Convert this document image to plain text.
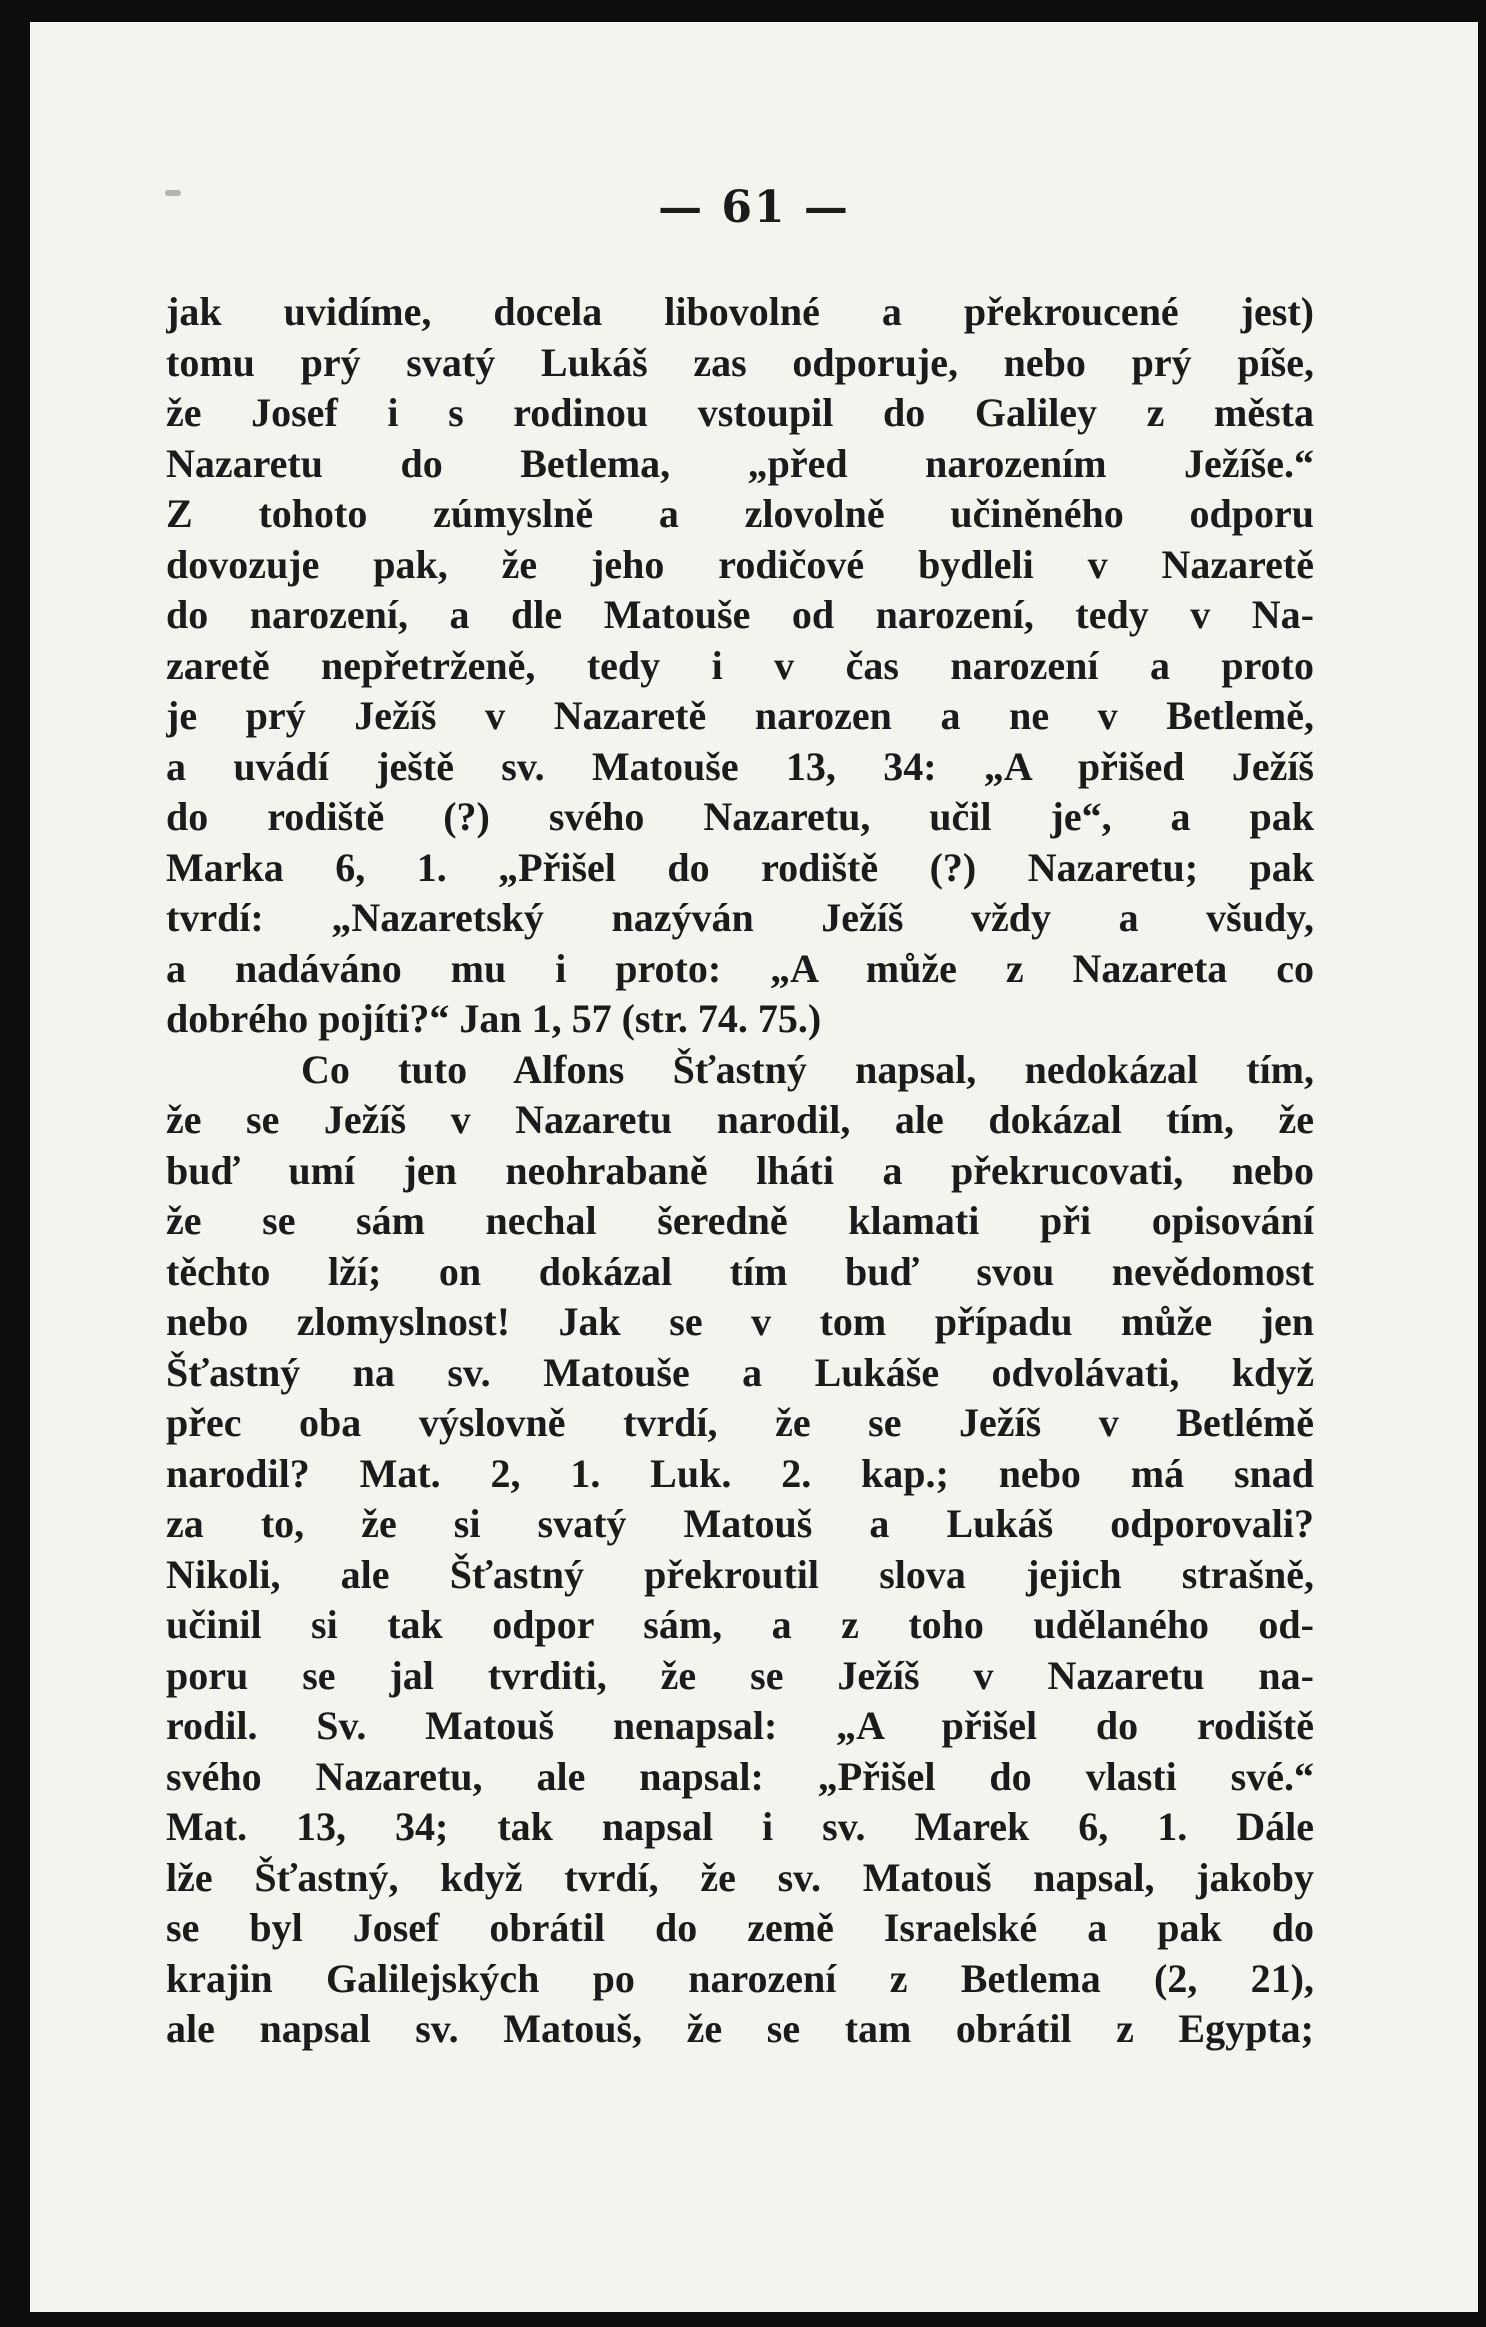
— 61 —
jak uvidíme, docela libovolné a překroucené jest)
tomu prý svatý Lukáš zas odporuje, nebo prý píše,
že Josef i s rodinou vstoupil do Galiley z města
Nazaretu do Betlema, „před narozením Ježíše.“
Z tohoto zúmyslně a zlovolně učiněného odporu
dovozuje pak, že jeho rodičové bydleli v Nazaretě
do narození, a dle Matouše od narození, tedy v Na-
zaretě nepřetrženě, tedy i v čas narození a proto
je prý Ježíš v Nazaretě narozen a ne v Betlemě,
a uvádí ještě sv. Matouše 13, 34: „A přišed Ježíš
do rodiště (?) svého Nazaretu, učil je“, a pak
Marka 6, 1. „Přišel do rodiště (?) Nazaretu; pak
tvrdí: „Nazaretský nazýván Ježíš vždy a všudy,
a nadáváno mu i proto: „A může z Nazareta co
dobrého pojíti?“ Jan 1, 57 (str. 74. 75.)
Co tuto Alfons Šťastný napsal, nedokázal tím,
že se Ježíš v Nazaretu narodil, ale dokázal tím, že
buď umí jen neohrabaně lháti a překrucovati, nebo
že se sám nechal šeredně klamati při opisování
těchto lží; on dokázal tím buď svou nevědomost
nebo zlomyslnost! Jak se v tom případu může jen
Šťastný na sv. Matouše a Lukáše odvolávati, když
přec oba výslovně tvrdí, že se Ježíš v Betlémě
narodil? Mat. 2, 1. Luk. 2. kap.; nebo má snad
za to, že si svatý Matouš a Lukáš odporovali?
Nikoli, ale Šťastný překroutil slova jejich strašně,
učinil si tak odpor sám, a z toho udělaného od-
poru se jal tvrditi, že se Ježíš v Nazaretu na-
rodil. Sv. Matouš nenapsal: „A přišel do rodiště
svého Nazaretu, ale napsal: „Přišel do vlasti své.“
Mat. 13, 34; tak napsal i sv. Marek 6, 1. Dále
lže Šťastný, když tvrdí, že sv. Matouš napsal, jakoby
se byl Josef obrátil do země Israelské a pak do
krajin Galilejských po narození z Betlema (2, 21),
ale napsal sv. Matouš, že se tam obrátil z Egypta;
